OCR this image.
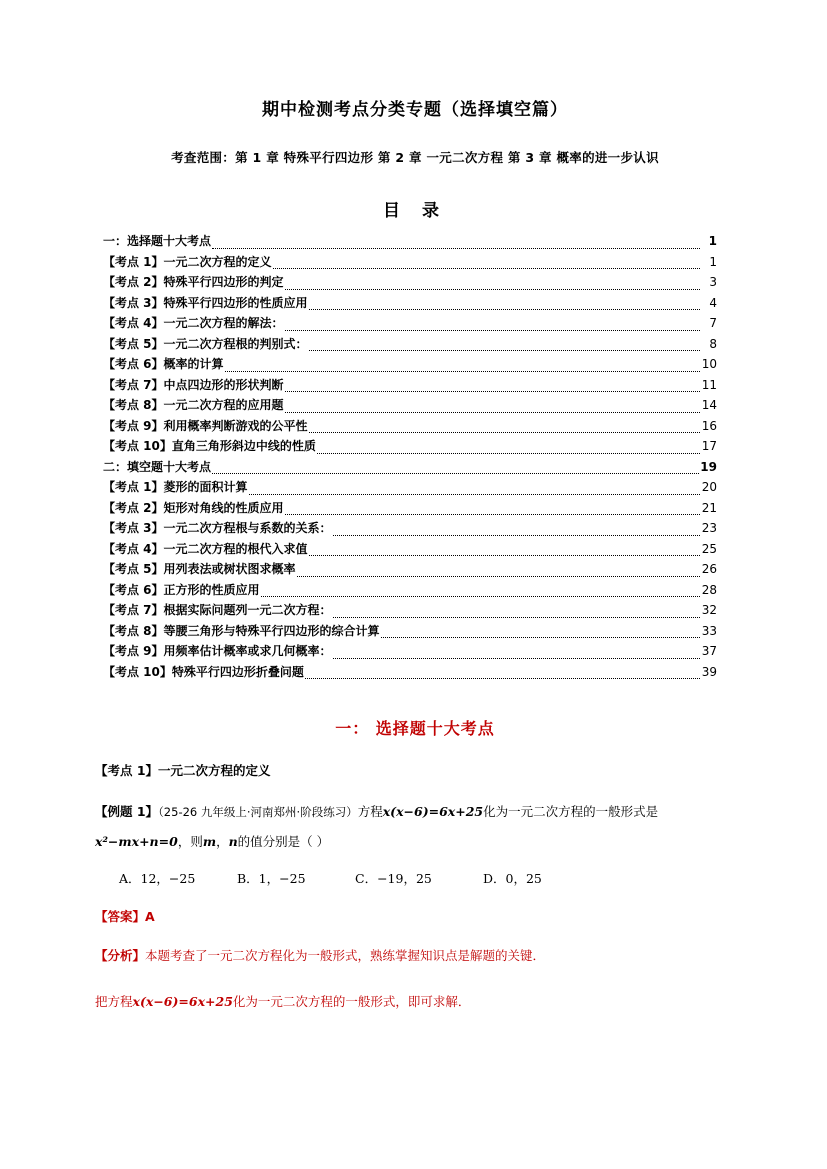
期中检测考点分类专题（选择填空篇）
考查范围：第 1 章 特殊平行四边形 第 2 章 一元二次方程 第 3 章 概率的进一步认识
目 录
一：选择题十大考点	1
【考点 1】一元二次方程的定义	1
【考点 2】特殊平行四边形的判定	3
【考点 3】特殊平行四边形的性质应用	4
【考点 4】一元二次方程的解法：	7
【考点 5】一元二次方程根的判别式：	8
【考点 6】概率的计算	10
【考点 7】中点四边形的形状判断	11
【考点 8】一元二次方程的应用题	14
【考点 9】利用概率判断游戏的公平性	16
【考点 10】直角三角形斜边中线的性质	17
二：填空题十大考点	19
【考点 1】菱形的面积计算	20
【考点 2】矩形对角线的性质应用	21
【考点 3】一元二次方程根与系数的关系：	23
【考点 4】一元二次方程的根代入求值	25
【考点 5】用列表法或树状图求概率	26
【考点 6】正方形的性质应用	28
【考点 7】根据实际问题列一元二次方程：	32
【考点 8】等腰三角形与特殊平行四边形的综合计算	33
【考点 9】用频率估计概率或求几何概率：	37
【考点 10】特殊平行四边形折叠问题	39
一： 选择题十大考点
【考点 1】一元二次方程的定义
【例题 1】（25-26 九年级上·河南郑州·阶段练习）方程x(x−6)=6x+25化为一元二次方程的一般形式是x²−mx+n=0，则m，n的值分别是（ ）
A．12，−25	B．1，−25	C．−19，25	D．0，25
【答案】A
【分析】本题考查了一元二次方程化为一般形式，熟练掌握知识点是解题的关键．
把方程x(x−6)=6x+25化为一元二次方程的一般形式，即可求解．
